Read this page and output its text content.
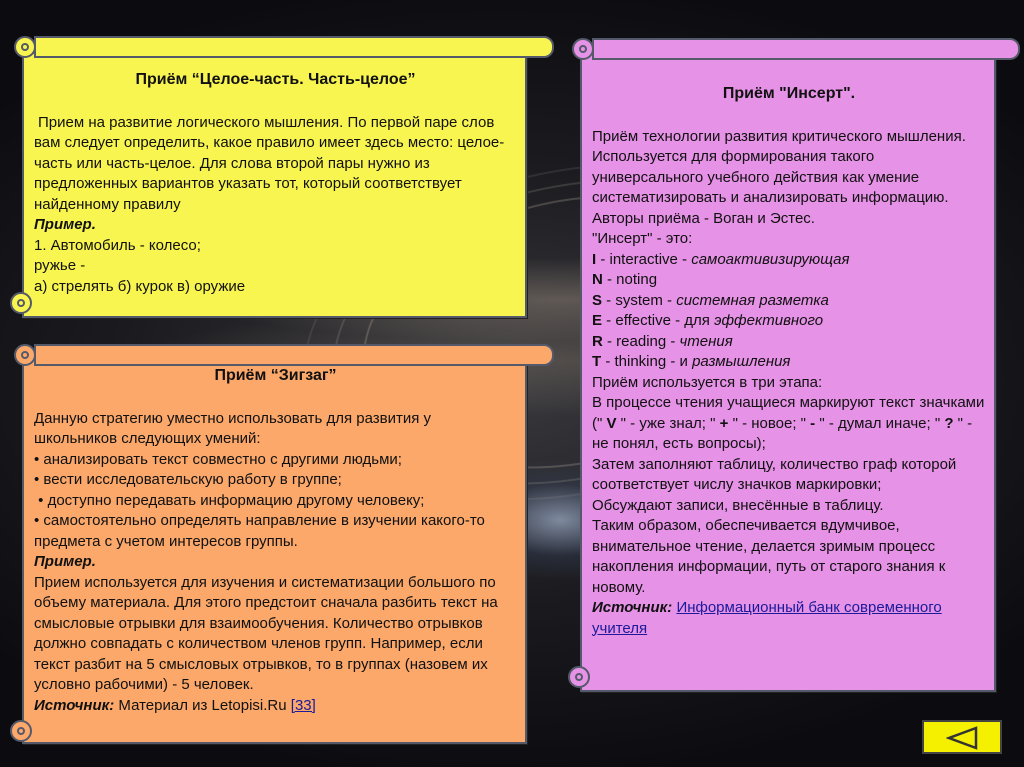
Приём “Целое-часть. Часть-целое”

Прием на развитие логического мышления. По первой паре слов вам следует определить, какое правило имеет здесь место: целое-часть или часть-целое. Для слова второй пары нужно из предложенных вариантов указать тот, который соответствует найденному правилу

Пример.
1. Автомобиль - колесо;
ружье -
а) стрелять б) курок в) оружие
Приём “Зигзаг”

Данную стратегию уместно использовать для развития у школьников следующих умений:

• анализировать текст совместно с другими людьми;
• вести исследовательскую работу в группе;
• доступно передавать информацию другому человеку;
• самостоятельно определять направление в изучении какого-то предмета с учетом интересов группы.
Пример.

Прием используется для изучения и систематизации большого по объему материала. Для этого предстоит сначала разбить текст на смысловые отрывки для взаимообучения. Количество отрывков должно совпадать с количеством членов групп. Например, если текст разбит на 5 смысловых отрывков, то в группах (назовем их условно рабочими) - 5 человек.

Источник: Материал из Letopisi.Ru [33]
Приём "Инсерт".

Приём технологии развития критического мышления. Используется для формирования такого универсального учебного действия как умение систематизировать и анализировать информацию. Авторы приёма - Воган и Эстес.

"Инсерт" - это:
I - interactive - самоактивизирующая
N - noting
S - system - системная разметка
E - effective - для эффективного
R - reading - чтения
T - thinking - и размышления
Приём используется в три этапа:

В процессе чтения учащиеся маркируют текст значками (" V " - уже знал; " + " - новое; " - " - думал иначе; " ? " - не понял, есть вопросы);

Затем заполняют таблицу, количество граф которой соответствует числу значков маркировки;

Обсуждают записи, внесённые в таблицу.

Таким образом, обеспечивается вдумчивое, внимательное чтение, делается зримым процесс накопления информации, путь от старого знания к новому.

Источник: Информационный банк современного учителя
